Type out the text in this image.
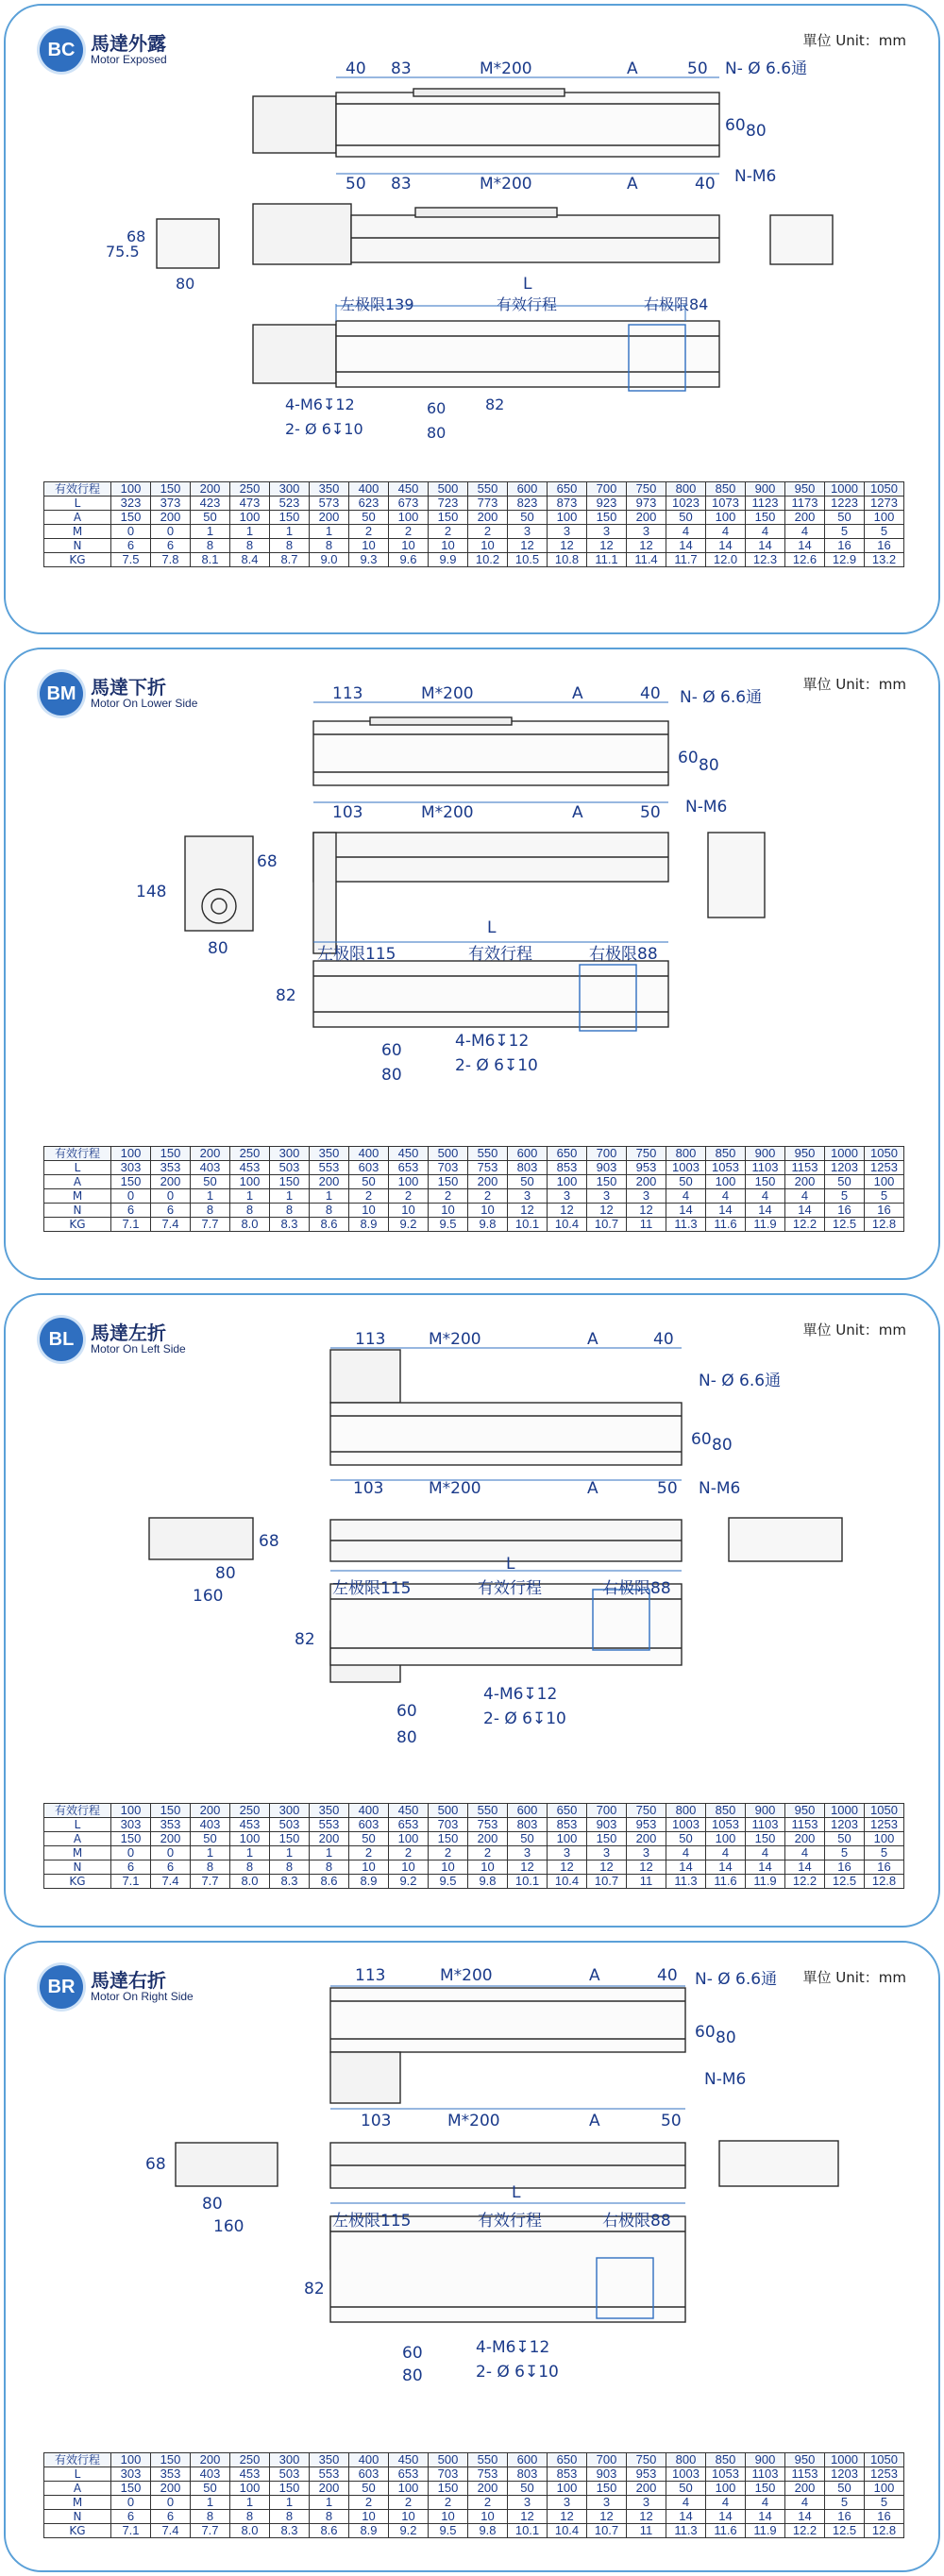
BC 馬達外露
Motor Exposed
單位 Unit：mm
40 83	M*200	A	50 N- Ø 6.6通
50 83	M*200	A	40 N-M6
60 80
75.5
68
80	L
左极限139	有效行程	右极限84
4-M6↧12
2- Ø 6↧10
60
80
82
有效行程	100	150	200	250	300	350	400	450	500	550	600	650	700	750	800	850	900	950	1000	1050
L	323	373	423	473	523	573	623	673	723	773	823	873	923	973	1023	1073	1123	1173	1223	1273
A	150	200	50	100	150	200	50	100	150	200	50	100	150	200	50	100	150	200	50	100
M	0	0	1	1	1	1	2	2	2	2	3	3	3	3	4	4	4	4	5	5
N	6	6	8	8	8	8	10	10	10	10	12	12	12	12	14	14	14	14	16	16
KG	7.5	7.8	8.1	8.4	8.7	9.0	9.3	9.6	9.9	10.2	10.5	10.8	11.1	11.4	11.7	12.0	12.3	12.6	12.9	13.2
BM 馬達下折
Motor On Lower Side
單位 Unit：mm
113	M*200	A	40 N- Ø 6.6通
103	M*200	A	50 N-M6
60 80
148
68
80
L
左极限115	有效行程	右极限88
4-M6↧12
2- Ø 6↧10
60
80
82
有效行程	100	150	200	250	300	350	400	450	500	550	600	650	700	750	800	850	900	950	1000	1050
L	303	353	403	453	503	553	603	653	703	753	803	853	903	953	1003	1053	1103	1153	1203	1253
A	150	200	50	100	150	200	50	100	150	200	50	100	150	200	50	100	150	200	50	100
M	0	0	1	1	1	1	2	2	2	2	3	3	3	3	4	4	4	4	5	5
N	6	6	8	8	8	8	10	10	10	10	12	12	12	12	14	14	14	14	16	16
KG	7.1	7.4	7.7	8.0	8.3	8.6	8.9	9.2	9.5	9.8	10.1	10.4	10.7	11	11.3	11.6	11.9	12.2	12.5	12.8
BL 馬達左折
Motor On Left Side
單位 Unit：mm
113	M*200	A	40
N- Ø 6.6通
103	M*200	A	50 N-M6
60 80
68
80
160
L
左极限115	有效行程	右极限88
4-M6↧12
2- Ø 6↧10
60
80
82
有效行程	100	150	200	250	300	350	400	450	500	550	600	650	700	750	800	850	900	950	1000	1050
L	303	353	403	453	503	553	603	653	703	753	803	853	903	953	1003	1053	1103	1153	1203	1253
A	150	200	50	100	150	200	50	100	150	200	50	100	150	200	50	100	150	200	50	100
M	0	0	1	1	1	1	2	2	2	2	3	3	3	3	4	4	4	4	5	5
N	6	6	8	8	8	8	10	10	10	10	12	12	12	12	14	14	14	14	16	16
KG	7.1	7.4	7.7	8.0	8.3	8.6	8.9	9.2	9.5	9.8	10.1	10.4	10.7	11	11.3	11.6	11.9	12.2	12.5	12.8
BR 馬達右折
Motor On Right Side
單位 Unit：mm
113	M*200	A	40 N- Ø 6.6通
103	M*200	A	50
N-M6
60 80
68
80
160
L
左极限115	有效行程	右极限88
4-M6↧12
2- Ø 6↧10
60
80
82
有效行程	100	150	200	250	300	350	400	450	500	550	600	650	700	750	800	850	900	950	1000	1050
L	303	353	403	453	503	553	603	653	703	753	803	853	903	953	1003	1053	1103	1153	1203	1253
A	150	200	50	100	150	200	50	100	150	200	50	100	150	200	50	100	150	200	50	100
M	0	0	1	1	1	1	2	2	2	2	3	3	3	3	4	4	4	4	5	5
N	6	6	8	8	8	8	10	10	10	10	12	12	12	12	14	14	14	14	16	16
KG	7.1	7.4	7.7	8.0	8.3	8.6	8.9	9.2	9.5	9.8	10.1	10.4	10.7	11	11.3	11.6	11.9	12.2	12.5	12.8
